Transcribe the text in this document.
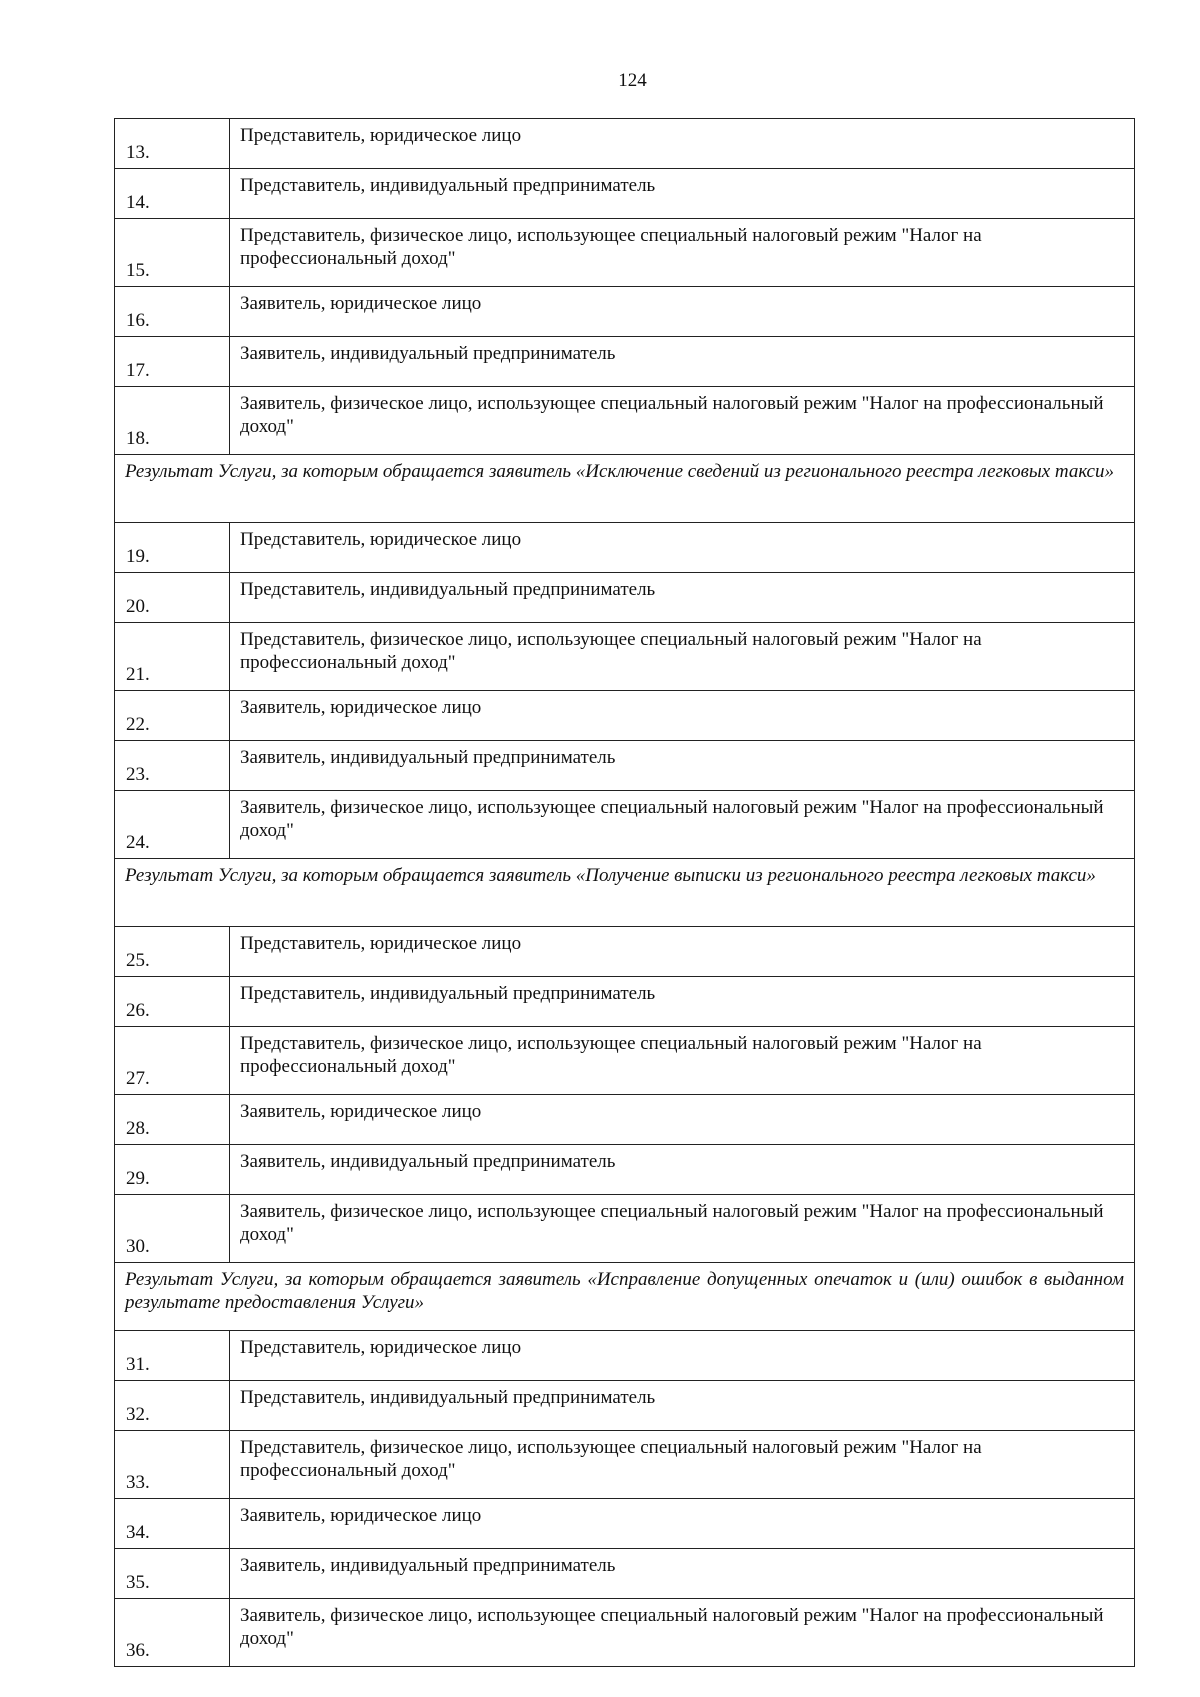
124
13.	Представитель, юридическое лицо

14.	Представитель, индивидуальный предприниматель

15.	Представитель, физическое лицо, использующее специальный налоговый режим "Налог на профессиональный доход"

16.	Заявитель, юридическое лицо

17.	Заявитель, индивидуальный предприниматель

18.	Заявитель, физическое лицо, использующее специальный налоговый режим "Налог на профессиональный доход"
Результат Услуги, за которым обращается заявитель «Исключение сведений из регионального реестра легковых такси»	

19.	Представитель, юридическое лицо

20.	Представитель, индивидуальный предприниматель

21.	Представитель, физическое лицо, использующее специальный налоговый режим "Налог на профессиональный доход"

22.	Заявитель, юридическое лицо

23.	Заявитель, индивидуальный предприниматель

24.	Заявитель, физическое лицо, использующее специальный налоговый режим "Налог на профессиональный доход"
Результат Услуги, за которым обращается заявитель «Получение выписки из регионального реестра легковых такси»	

25.	Представитель, юридическое лицо

26.	Представитель, индивидуальный предприниматель

27.	Представитель, физическое лицо, использующее специальный налоговый режим "Налог на профессиональный доход"

28.	Заявитель, юридическое лицо

29.	Заявитель, индивидуальный предприниматель

30.	Заявитель, физическое лицо, использующее специальный налоговый режим "Налог на профессиональный доход"
Результат Услуги, за которым обращается заявитель «Исправление допущенных опечаток и (или) ошибок в выданном результате предоставления Услуги»	

31.	Представитель, юридическое лицо

32.	Представитель, индивидуальный предприниматель

33.	Представитель, физическое лицо, использующее специальный налоговый режим "Налог на профессиональный доход"

34.	Заявитель, юридическое лицо

35.	Заявитель, индивидуальный предприниматель

36.	Заявитель, физическое лицо, использующее специальный налоговый режим "Налог на профессиональный доход"
